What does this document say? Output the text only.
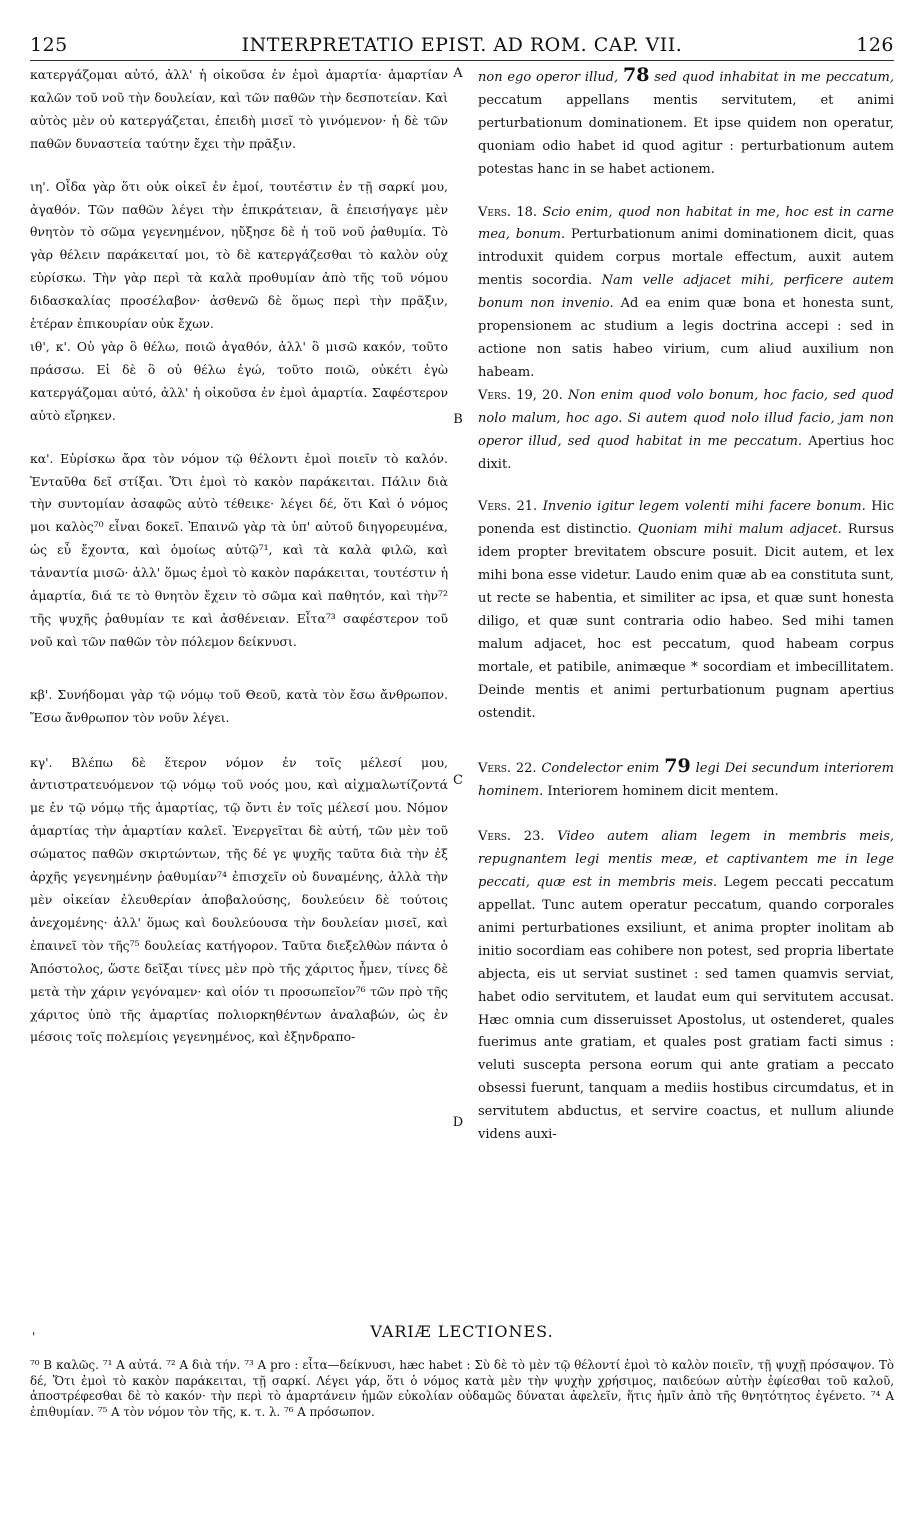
125	INTERPRETATIO EPIST. AD ROM. CAP. VII.	126
A
B
C
D

κατεργάζομαι αὐτό, ἀλλ' ἡ οἰκοῦσα ἐν ἐμοὶ ἁμαρτία· ἁμαρτίαν καλῶν τοῦ νοῦ τὴν δουλείαν, καὶ τῶν παθῶν τὴν δεσποτείαν. Καὶ αὐτὸς μὲν οὐ κατεργάζεται, ἐπειδὴ μισεῖ τὸ γινόμενον· ἡ δὲ τῶν παθῶν δυναστεία ταύτην ἔχει τὴν πρᾶξιν.

ιη'. Οἶδα γὰρ ὅτι οὐκ οἰκεῖ ἐν ἐμοί, τουτέστιν ἐν τῇ σαρκί μου, ἀγαθόν. Τῶν παθῶν λέγει τὴν ἐπικράτειαν, ἃ ἐπεισήγαγε μὲν θνητὸν τὸ σῶμα γεγενημένον, ηὔξησε δὲ ἡ τοῦ νοῦ ῥαθυμία. Τὸ γὰρ θέλειν παράκειταί μοι, τὸ δὲ κατεργάζεσθαι τὸ καλὸν οὐχ εὑρίσκω. Τὴν γὰρ περὶ τὰ καλὰ προθυμίαν ἀπὸ τῆς τοῦ νόμου διδασκαλίας προσέλαβον· ἀσθενῶ δὲ ὅμως περὶ τὴν πρᾶξιν, ἑτέραν ἐπικουρίαν οὐκ ἔχων.

ιθ', κ'. Οὐ γὰρ ὃ θέλω, ποιῶ ἀγαθόν, ἀλλ' ὃ μισῶ κακόν, τοῦτο πράσσω. Εἰ δὲ ὃ οὐ θέλω ἐγώ, τοῦτο ποιῶ, οὐκέτι ἐγὼ κατεργάζομαι αὐτό, ἀλλ' ἡ οἰκοῦσα ἐν ἐμοὶ ἁμαρτία. Σαφέστερον αὐτὸ εἴρηκεν.

κα'. Εὑρίσκω ἄρα τὸν νόμον τῷ θέλοντι ἐμοὶ ποιεῖν τὸ καλόν. Ἐνταῦθα δεῖ στίξαι. Ὅτι ἐμοὶ τὸ κακὸν παράκειται. Πάλιν διὰ τὴν συντομίαν ἀσαφῶς αὐτὸ τέθεικε· λέγει δέ, ὅτι Καὶ ὁ νόμος μοι καλὸς⁷⁰ εἶναι δοκεῖ. Ἐπαινῶ γὰρ τὰ ὑπ' αὐτοῦ διηγορευμένα, ὡς εὖ ἔχοντα, καὶ ὁμοίως αὐτῷ⁷¹, καὶ τὰ καλὰ φιλῶ, καὶ τἀναντία μισῶ· ἀλλ' ὅμως ἐμοὶ τὸ κακὸν παράκειται, τουτέστιν ἡ ἁμαρτία, διά τε τὸ θνητὸν ἔχειν τὸ σῶμα καὶ παθητόν, καὶ τὴν⁷² τῆς ψυχῆς ῥαθυμίαν τε καὶ ἀσθένειαν. Εἶτα⁷³ σαφέστερον τοῦ νοῦ καὶ τῶν παθῶν τὸν πόλεμον δείκνυσι.

κβ'. Συνήδομαι γὰρ τῷ νόμῳ τοῦ Θεοῦ, κατὰ τὸν ἔσω ἄνθρωπον. Ἔσω ἄνθρωπον τὸν νοῦν λέγει.

κγ'. Βλέπω δὲ ἕτερον νόμον ἐν τοῖς μέλεσί μου, ἀντιστρατευόμενον τῷ νόμῳ τοῦ νοός μου, καὶ αἰχμαλωτίζοντά με ἐν τῷ νόμῳ τῆς ἁμαρτίας, τῷ ὄντι ἐν τοῖς μέλεσί μου. Νόμον ἁμαρτίας τὴν ἁμαρτίαν καλεῖ. Ἐνεργεῖται δὲ αὐτή, τῶν μὲν τοῦ σώματος παθῶν σκιρτώντων, τῆς δέ γε ψυχῆς ταῦτα διὰ τὴν ἐξ ἀρχῆς γεγενημένην ῥαθυμίαν⁷⁴ ἐπισχεῖν οὐ δυναμένης, ἀλλὰ τὴν μὲν οἰκείαν ἐλευθερίαν ἀποβαλούσης, δουλεύειν δὲ τούτοις ἀνεχομένης· ἀλλ' ὅμως καὶ δουλεύουσα τὴν δουλείαν μισεῖ, καὶ ἐπαινεῖ τὸν τῆς⁷⁵ δουλείας κατήγορον. Ταῦτα διεξελθὼν πάντα ὁ Ἀπόστολος, ὥστε δεῖξαι τίνες μὲν πρὸ τῆς χάριτος ἦμεν, τίνες δὲ μετὰ τὴν χάριν γεγόναμεν· καὶ οἱόν τι προσωπεῖον⁷⁶ τῶν πρὸ τῆς χάριτος ὑπὸ τῆς ἁμαρτίας πολιορκηθέντων ἀναλαβών, ὡς ἐν μέσοις τοῖς πολεμίοις γεγενημένος, καὶ ἐξηνδραπο-

non ego operor illud, 78 sed quod inhabitat in me peccatum, peccatum appellans mentis servitutem, et animi perturbationum dominationem. Et ipse quidem non operatur, quoniam odio habet id quod agitur : perturbationum autem potestas hanc in se habet actionem.

Vers. 18. Scio enim, quod non habitat in me, hoc est in carne mea, bonum. Perturbationum animi dominationem dicit, quas introduxit quidem corpus mortale effectum, auxit autem mentis socordia. Nam velle adjacet mihi, perficere autem bonum non invenio. Ad ea enim quæ bona et honesta sunt, propensionem ac studium a legis doctrina accepi : sed in actione non satis habeo virium, cum aliud auxilium non habeam.

Vers. 19, 20. Non enim quod volo bonum, hoc facio, sed quod nolo malum, hoc ago. Si autem quod nolo illud facio, jam non operor illud, sed quod habitat in me peccatum. Apertius hoc dixit.

Vers. 21. Invenio igitur legem volenti mihi facere bonum. Hic ponenda est distinctio. Quoniam mihi malum adjacet. Rursus idem propter brevitatem obscure posuit. Dicit autem, et lex mihi bona esse videtur. Laudo enim quæ ab ea constituta sunt, ut recte se habentia, et similiter ac ipsa, et quæ sunt honesta diligo, et quæ sunt contraria odio habeo. Sed mihi tamen malum adjacet, hoc est peccatum, quod habeam corpus mortale, et patibile, animæque * socordiam et imbecillitatem. Deinde mentis et animi perturbationum pugnam apertius ostendit.

Vers. 22. Condelector enim 79 legi Dei secundum interiorem hominem. Interiorem hominem dicit mentem.

Vers. 23. Video autem aliam legem in membris meis, repugnantem legi mentis meæ, et captivantem me in lege peccati, quæ est in membris meis. Legem peccati peccatum appellat. Tunc autem operatur peccatum, quando corporales animi perturbationes exsiliunt, et anima propter inolitam ab initio socordiam eas cohibere non potest, sed propria libertate abjecta, eis ut serviat sustinet : sed tamen quamvis serviat, habet odio servitutem, et laudat eum qui servitutem accusat. Hæc omnia cum disseruisset Apostolus, ut ostenderet, quales fuerimus ante gratiam, et quales post gratiam facti simus : veluti suscepta persona eorum qui ante gratiam a peccato obsessi fuerunt, tanquam a mediis hostibus circumdatus, et in servitutem abductus, et servire coactus, et nullum aliunde videns auxi-

'	VARIÆ LECTIONES.

⁷⁰ B καλῶς. ⁷¹ A αὐτά. ⁷² A διὰ τήν. ⁷³ A pro : εἶτα—δείκνυσι, hæc habet : Σὺ δὲ τὸ μὲν τῷ θέλοντί ἐμοὶ τὸ καλὸν ποιεῖν, τῇ ψυχῇ πρόσαψον. Τὸ δέ, Ὅτι ἐμοὶ τὸ κακὸν παράκειται, τῇ σαρκί. Λέγει γάρ, ὅτι ὁ νόμος κατὰ μὲν τὴν ψυχὴν χρήσιμος, παιδεύων αὐτὴν ἐφίεσθαι τοῦ καλοῦ, ἀποστρέφεσθαι δὲ τὸ κακόν· τὴν περὶ τὸ ἁμαρτάνειν ἡμῶν εὐκολίαν οὐδαμῶς δύναται ἀφελεῖν, ἥτις ἡμῖν ἀπὸ τῆς θνητότητος ἐγένετο. ⁷⁴ A ἐπιθυμίαν. ⁷⁵ A τὸν νόμον τὸν τῆς, κ. τ. λ. ⁷⁶ A πρόσωπον.
